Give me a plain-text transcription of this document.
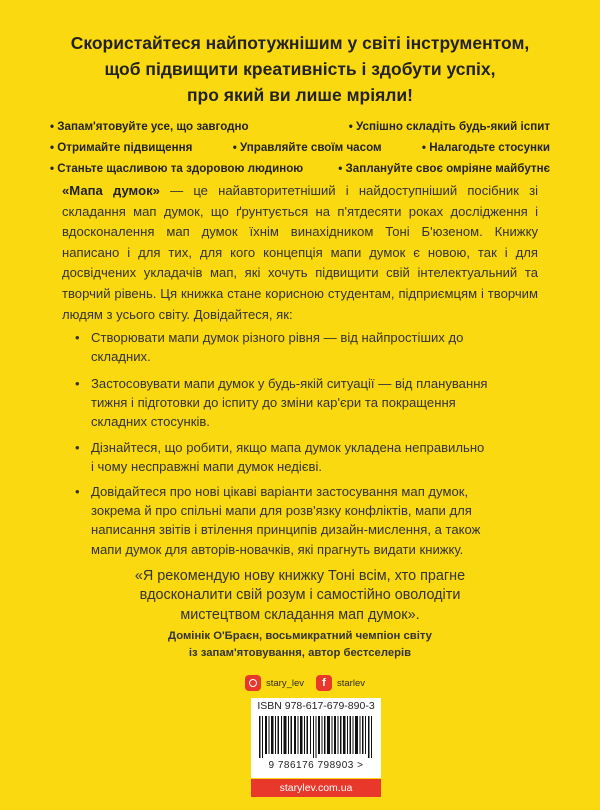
Скористайтеся найпотужнішим у світі інструментом,
щоб підвищити креативність і здобути успіх,
про який ви лише мріяли!
• Запам'ятовуйте усе, що завгодно	• Успішно складіть будь-який іспит
• Отримайте підвищення	• Управляйте своїм часом	• Налагодьте стосунки
• Станьте щасливою та здоровою людиною	• Заплануйте своє омріяне майбутнє
«Мапа думок» — це найавторитетніший і найдоступніший посібник зі складання мап думок, що ґрунтується на п'ятдесяти роках дослідження і вдосконалення мап думок їхнім винахідником Тоні Б'юзеном. Книжку написано і для тих, для кого концепція мапи думок є новою, так і для досвідчених укладачів мап, які хочуть підвищити свій інтелектуальний та творчий рівень. Ця книжка стане корисною студентам, підприємцям і творчим людям з усього світу. Довідайтеся, як:
• Створювати мапи думок різного рівня — від найпростіших до
складних.
• Застосовувати мапи думок у будь-якій ситуації — від планування
тижня і підготовки до іспиту до зміни кар'єри та покращення
складних стосунків.
• Дізнайтеся, що робити, якщо мапа думок укладена неправильно
і чому несправжні мапи думок недієві.
• Довідайтеся про нові цікаві варіанти застосування мап думок,
зокрема й про спільні мапи для розв'язку конфліктів, мапи для
написання звітів і втілення принципів дизайн-мислення, а також
мапи думок для авторів-новачків, які прагнуть видати книжку.
«Я рекомендую нову книжку Тоні всім, хто прагне
вдосконалити свій розум і самостійно оволодіти
мистецтвом складання мап думок».
Домінік О'Браєн, восьмикратний чемпіон світу
із запам'ятовування, автор бестселерів
stary_lev	f	starlev
ISBN 978-617-679-890-3
9 786176 798903 >
starylev.com.ua
